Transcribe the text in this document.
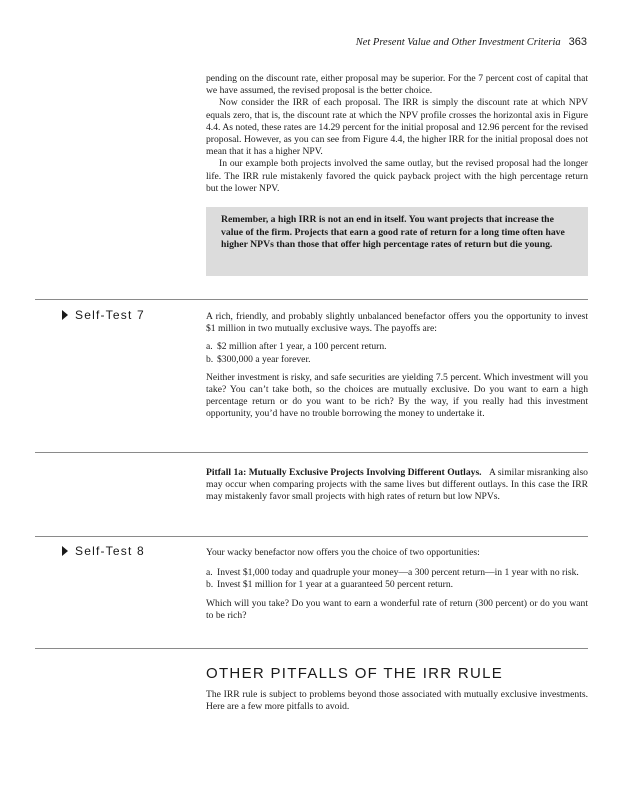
Net Present Value and Other Investment Criteria 363

pending on the discount rate, either proposal may be superior. For the 7 percent cost of capital that we have assumed, the revised proposal is the better choice.

Now consider the IRR of each proposal. The IRR is simply the discount rate at which NPV equals zero, that is, the discount rate at which the NPV profile crosses the horizontal axis in Figure 4.4. As noted, these rates are 14.29 percent for the initial proposal and 12.96 percent for the revised proposal. However, as you can see from Figure 4.4, the higher IRR for the initial proposal does not mean that it has a higher NPV.

In our example both projects involved the same outlay, but the revised proposal had the longer life. The IRR rule mistakenly favored the quick payback project with the high percentage return but the lower NPV.

Remember, a high IRR is not an end in itself. You want projects that increase the value of the firm. Projects that earn a good rate of return for a long time often have higher NPVs than those that offer high percentage rates of return but die young.

Self-Test 7	A rich, friendly, and probably slightly unbalanced benefactor offers you the opportunity to invest $1 million in two mutually exclusive ways. The payoffs are:

a. $2 million after 1 year, a 100 percent return.
b. $300,000 a year forever.

Neither investment is risky, and safe securities are yielding 7.5 percent. Which investment will you take? You can’t take both, so the choices are mutually exclusive. Do you want to earn a high percentage return or do you want to be rich? By the way, if you really had this investment opportunity, you’d have no trouble borrowing the money to undertake it.

Pitfall 1a: Mutually Exclusive Projects Involving Different Outlays. A similar misranking also may occur when comparing projects with the same lives but different outlays. In this case the IRR may mistakenly favor small projects with high rates of return but low NPVs.

Self-Test 8	Your wacky benefactor now offers you the choice of two opportunities:

a. Invest $1,000 today and quadruple your money—a 300 percent return—in 1 year with no risk.
b. Invest $1 million for 1 year at a guaranteed 50 percent return.

Which will you take? Do you want to earn a wonderful rate of return (300 percent) or do you want to be rich?

OTHER PITFALLS OF THE IRR RULE

The IRR rule is subject to problems beyond those associated with mutually exclusive investments. Here are a few more pitfalls to avoid.
